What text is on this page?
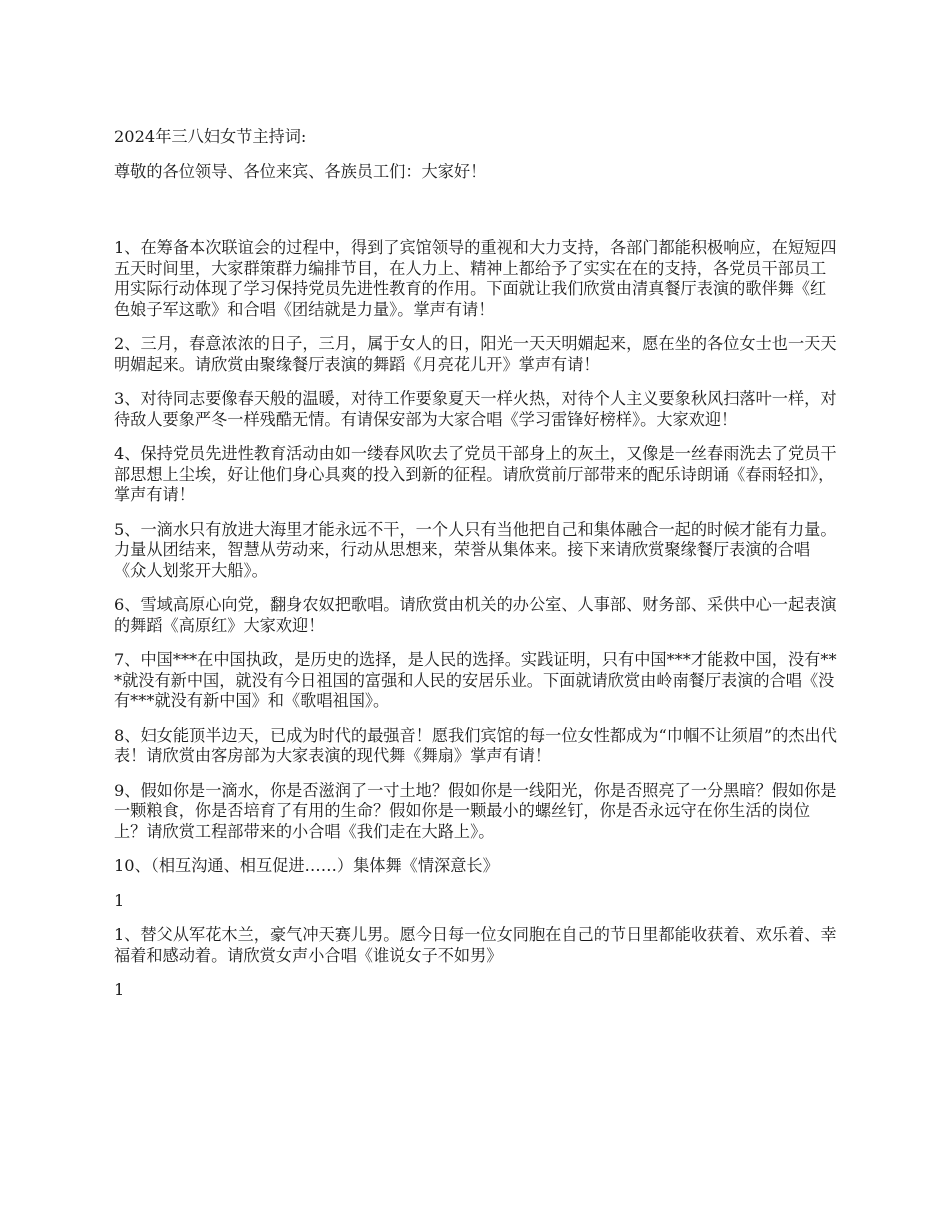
2024年三八妇女节主持词:

尊敬的各位领导、各位来宾、各族员工们：大家好！

1、在筹备本次联谊会的过程中，得到了宾馆领导的重视和大力支持，各部门都能积极响应，在短短四五天时间里，大家群策群力编排节目，在人力上、精神上都给予了实实在在的支持，各党员干部员工用实际行动体现了学习保持党员先进性教育的作用。下面就让我们欣赏由清真餐厅表演的歌伴舞《红色娘子军这歌》和合唱《团结就是力量》。掌声有请！

2、三月，春意浓浓的日子，三月，属于女人的日，阳光一天天明媚起来，愿在坐的各位女士也一天天明媚起来。请欣赏由聚缘餐厅表演的舞蹈《月亮花儿开》掌声有请！

3、对待同志要像春天般的温暖，对待工作要象夏天一样火热，对待个人主义要象秋风扫落叶一样，对待敌人要象严冬一样残酷无情。有请保安部为大家合唱《学习雷锋好榜样》。大家欢迎！

4、保持党员先进性教育活动由如一缕春风吹去了党员干部身上的灰土，又像是一丝春雨洗去了党员干部思想上尘埃，好让他们身心具爽的投入到新的征程。请欣赏前厅部带来的配乐诗朗诵《春雨轻扣》，掌声有请！

5、一滴水只有放进大海里才能永远不干，一个人只有当他把自己和集体融合一起的时候才能有力量。力量从团结来，智慧从劳动来，行动从思想来，荣誉从集体来。接下来请欣赏聚缘餐厅表演的合唱《众人划浆开大船》。

6、雪域高原心向党，翻身农奴把歌唱。请欣赏由机关的办公室、人事部、财务部、采供中心一起表演的舞蹈《高原红》大家欢迎！

7、中国***在中国执政，是历史的选择，是人民的选择。实践证明，只有中国***才能救中国，没有***就没有新中国，就没有今日祖国的富强和人民的安居乐业。下面就请欣赏由岭南餐厅表演的合唱《没有***就没有新中国》和《歌唱祖国》。

8、妇女能顶半边天，已成为时代的最强音！愿我们宾馆的每一位女性都成为“巾帼不让须眉”的杰出代表！请欣赏由客房部为大家表演的现代舞《舞扇》掌声有请！

9、假如你是一滴水，你是否滋润了一寸土地？假如你是一线阳光，你是否照亮了一分黑暗？假如你是一颗粮食，你是否培育了有用的生命？假如你是一颗最小的螺丝钉，你是否永远守在你生活的岗位上？请欣赏工程部带来的小合唱《我们走在大路上》。

10、（相互沟通、相互促进……）集体舞《情深意长》

1

1、替父从军花木兰，豪气冲天赛儿男。愿今日每一位女同胞在自己的节日里都能收获着、欢乐着、幸福着和感动着。请欣赏女声小合唱《谁说女子不如男》

1
